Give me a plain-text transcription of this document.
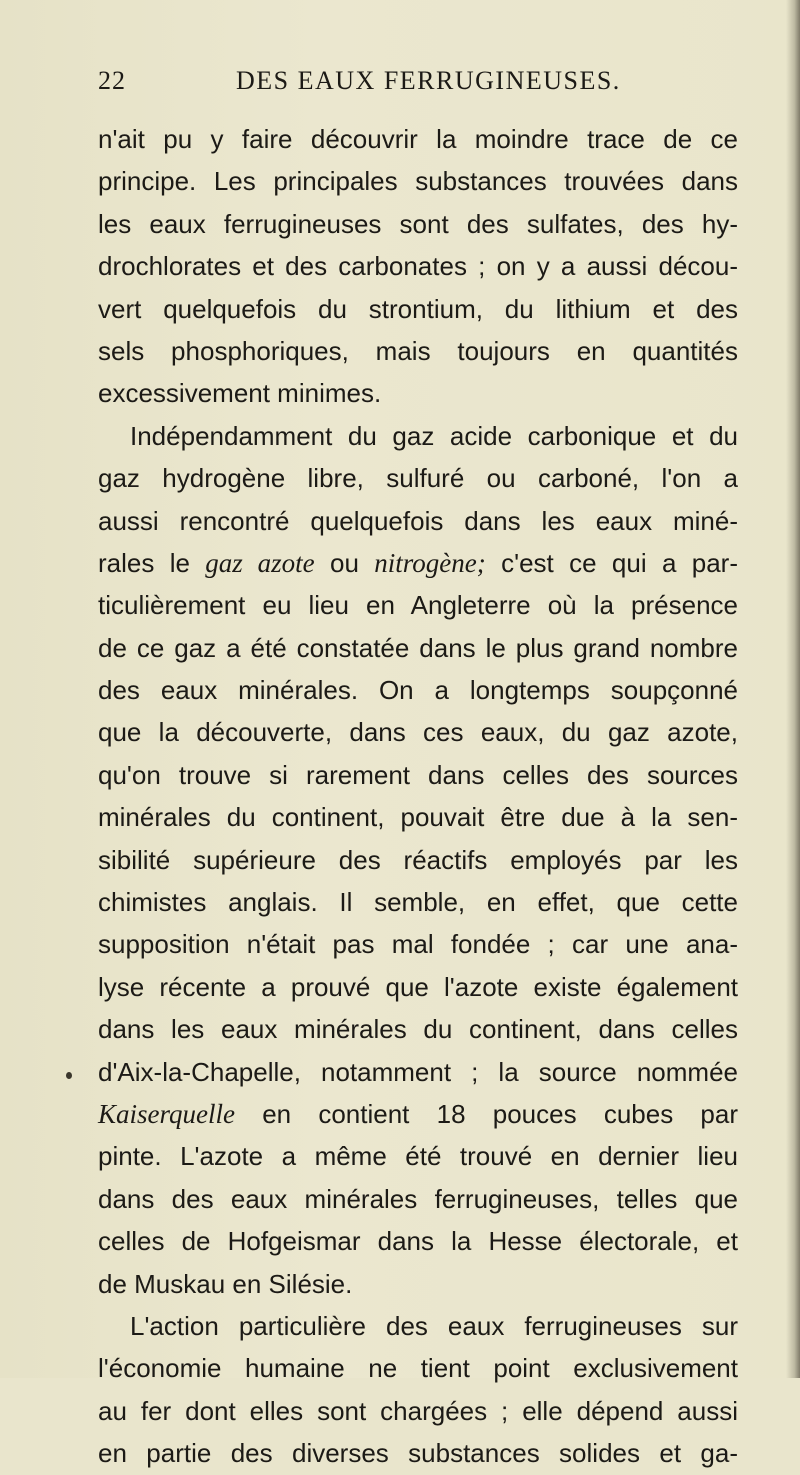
22	DES EAUX FERRUGINEUSES.
n'ait pu y faire découvrir la moindre trace de ce
principe. Les principales substances trouvées dans
les eaux ferrugineuses sont des sulfates, des hy-
drochlorates et des carbonates ; on y a aussi décou-
vert quelquefois du strontium, du lithium et des
sels phosphoriques, mais toujours en quantités
excessivement minimes.
Indépendamment du gaz acide carbonique et du
gaz hydrogène libre, sulfuré ou carboné, l'on a
aussi rencontré quelquefois dans les eaux miné-
rales le gaz azote ou nitrogène; c'est ce qui a par-
ticulièrement eu lieu en Angleterre où la présence
de ce gaz a été constatée dans le plus grand nombre
des eaux minérales. On a longtemps soupçonné
que la découverte, dans ces eaux, du gaz azote,
qu'on trouve si rarement dans celles des sources
minérales du continent, pouvait être due à la sen-
sibilité supérieure des réactifs employés par les
chimistes anglais. Il semble, en effet, que cette
supposition n'était pas mal fondée ; car une ana-
lyse récente a prouvé que l'azote existe également
dans les eaux minérales du continent, dans celles
d'Aix-la-Chapelle, notamment ; la source nommée
Kaiserquelle en contient 18 pouces cubes par
pinte. L'azote a même été trouvé en dernier lieu
dans des eaux minérales ferrugineuses, telles que
celles de Hofgeismar dans la Hesse électorale, et
de Muskau en Silésie.
L'action particulière des eaux ferrugineuses sur
l'économie humaine ne tient point exclusivement
au fer dont elles sont chargées ; elle dépend aussi
en partie des diverses substances solides et ga-
